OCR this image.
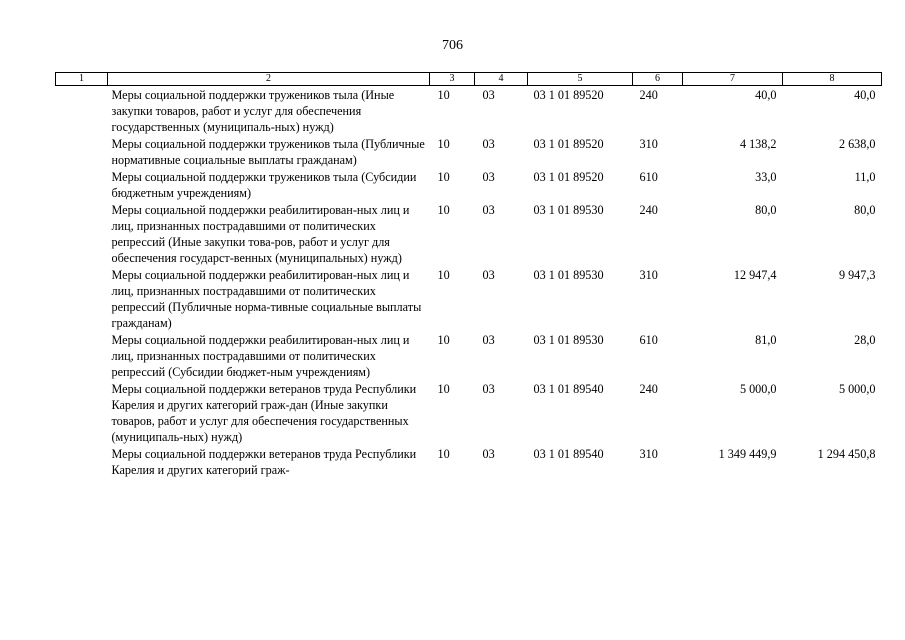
706
1	2	3	4	5	6	7	8
	Меры социальной поддержки тружеников тыла (Иные закупки товаров, работ и услуг для обеспечения государственных (муниципаль-ных) нужд)	10	03	03 1 01 89520	240	40,0	40,0
	Меры социальной поддержки тружеников тыла (Публичные нормативные социальные выплаты гражданам)	10	03	03 1 01 89520	310	4 138,2	2 638,0
	Меры социальной поддержки тружеников тыла (Субсидии бюджетным учреждениям)	10	03	03 1 01 89520	610	33,0	11,0
	Меры социальной поддержки реабилитирован-ных лиц и лиц, признанных пострадавшими от политических репрессий (Иные закупки това-ров, работ и услуг для обеспечения государст-венных (муниципальных) нужд)	10	03	03 1 01 89530	240	80,0	80,0
	Меры социальной поддержки реабилитирован-ных лиц и лиц, признанных пострадавшими от политических репрессий (Публичные норма-тивные социальные выплаты гражданам)	10	03	03 1 01 89530	310	12 947,4	9 947,3
	Меры социальной поддержки реабилитирован-ных лиц и лиц, признанных пострадавшими от политических репрессий (Субсидии бюджет-ным учреждениям)	10	03	03 1 01 89530	610	81,0	28,0
	Меры социальной поддержки ветеранов труда Республики Карелия и других категорий граж-дан (Иные закупки товаров, работ и услуг для обеспечения государственных (муниципаль-ных) нужд)	10	03	03 1 01 89540	240	5 000,0	5 000,0
	Меры социальной поддержки ветеранов труда Республики Карелия и других категорий граж-	10	03	03 1 01 89540	310	1 349 449,9	1 294 450,8
